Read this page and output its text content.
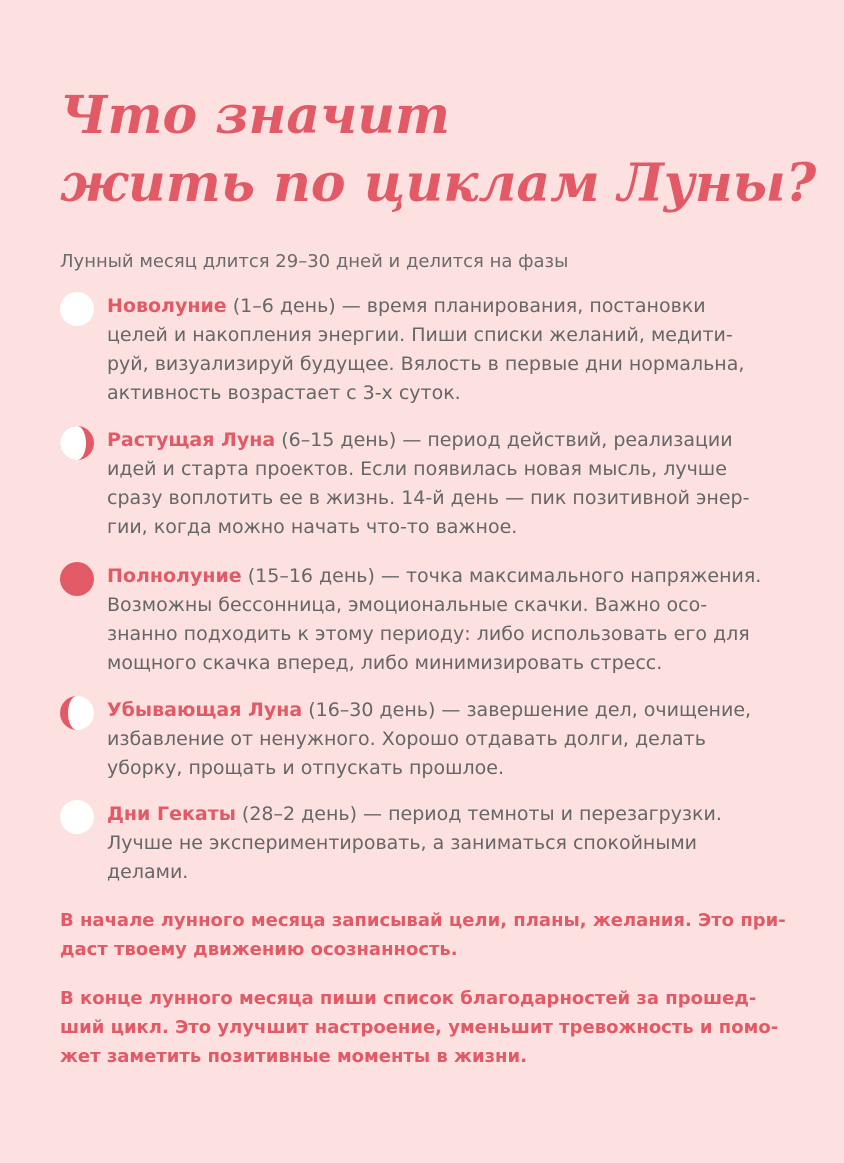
Что значит
жить по циклам Луны?

Лунный месяц длится 29–30 дней и делится на фазы

Новолуние (1–6 день) — время планирования, постановки
целей и накопления энергии. Пиши списки желаний, медити-
руй, визуализируй будущее. Вялость в первые дни нормальна,
активность возрастает с 3-х суток.

Растущая Луна (6–15 день) — период действий, реализации
идей и старта проектов. Если появилась новая мысль, лучше
сразу воплотить ее в жизнь. 14-й день — пик позитивной энер-
гии, когда можно начать что-то важное.

Полнолуние (15–16 день) — точка максимального напряжения.
Возможны бессонница, эмоциональные скачки. Важно осо-
знанно подходить к этому периоду: либо использовать его для
мощного скачка вперед, либо минимизировать стресс.

Убывающая Луна (16–30 день) — завершение дел, очищение,
избавление от ненужного. Хорошо отдавать долги, делать
уборку, прощать и отпускать прошлое.

Дни Гекаты (28–2 день) — период темноты и перезагрузки.
Лучше не экспериментировать, а заниматься спокойными
делами.

В начале лунного месяца записывай цели, планы, желания. Это при-
даст твоему движению осознанность.

В конце лунного месяца пиши список благодарностей за прошед-
ший цикл. Это улучшит настроение, уменьшит тревожность и помо-
жет заметить позитивные моменты в жизни.
